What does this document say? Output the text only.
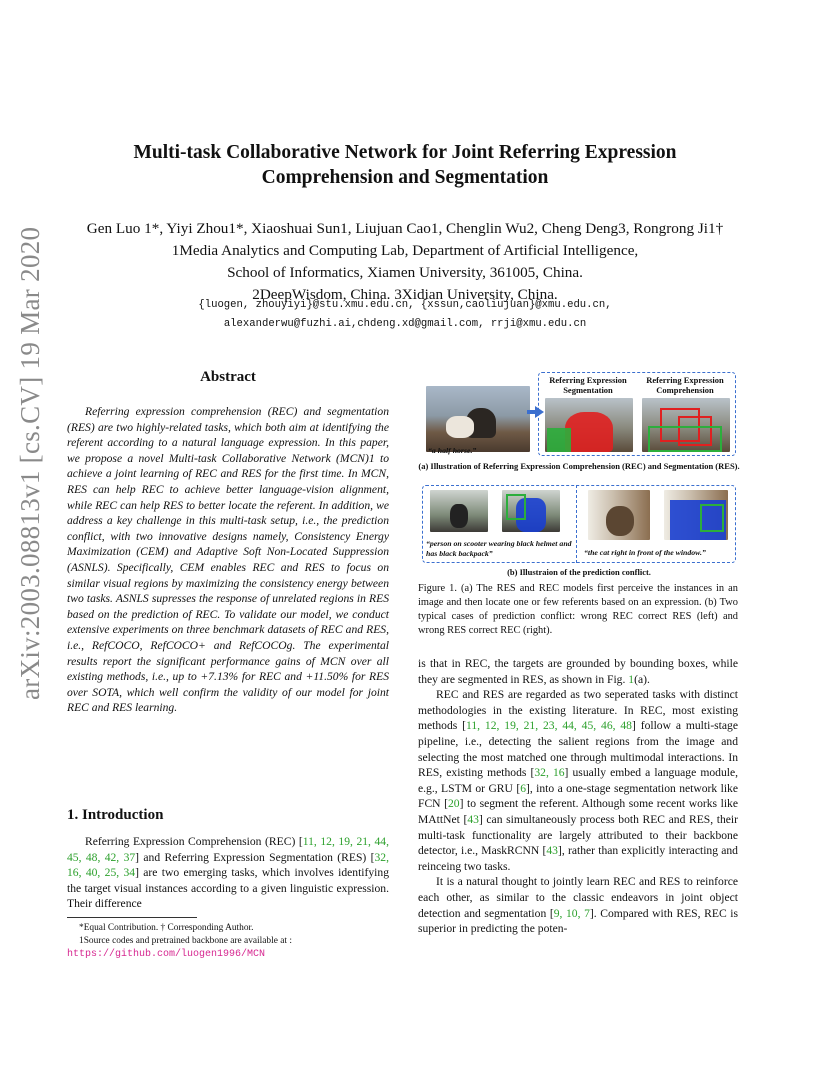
arXiv:2003.08813v1 [cs.CV] 19 Mar 2020
Multi-task Collaborative Network for Joint Referring Expression
Comprehension and Segmentation
Gen Luo 1*, Yiyi Zhou1*, Xiaoshuai Sun1, Liujuan Cao1, Chenglin Wu2, Cheng Deng3, Rongrong Ji1†
1Media Analytics and Computing Lab, Department of Artificial Intelligence,
School of Informatics, Xiamen University, 361005, China.
2DeepWisdom, China. 3Xidian University, China.
{luogen, zhouyiyi}@stu.xmu.edu.cn, {xssun,caoliujuan}@xmu.edu.cn,
alexanderwu@fuzhi.ai,chdeng.xd@gmail.com, rrji@xmu.edu.cn
Abstract
Referring expression comprehension (REC) and segmentation (RES) are two highly-related tasks, which both aim at identifying the referent according to a natural language expression. In this paper, we propose a novel Multi-task Collaborative Network (MCN)1 to achieve a joint learning of REC and RES for the first time. In MCN, RES can help REC to achieve better language-vision alignment, while REC can help RES to better locate the referent. In addition, we address a key challenge in this multi-task setup, i.e., the prediction conflict, with two innovative designs namely, Consistency Energy Maximization (CEM) and Adaptive Soft Non-Located Suppression (ASNLS). Specifically, CEM enables REC and RES to focus on similar visual regions by maximizing the consistency energy between two tasks. ASNLS supresses the response of unrelated regions in RES based on the prediction of REC. To validate our model, we conduct extensive experiments on three benchmark datasets of REC and RES, i.e., RefCOCO, RefCOCO+ and RefCOCOg. The experimental results report the significant performance gains of MCN over all existing methods, i.e., up to +7.13% for REC and +11.50% for RES over SOTA, which well confirm the validity of our model for joint REC and RES learning.
1. Introduction
Referring Expression Comprehension (REC) [11, 12, 19, 21, 44, 45, 48, 42, 37] and Referring Expression Segmentation (RES) [32, 16, 40, 25, 34] are two emerging tasks, which involves identifying the target visual instances according to a given linguistic expression. Their difference

*Equal Contribution. † Corresponding Author.

1Source codes and pretrained backbone are available at : https://github.com/luogen1996/MCN

“a half horse.”
Referring Expression Segmentation
Referring Expression Comprehension
(a) Illustration of Referring Expression Comprehension (REC) and Segmentation (RES).
“person on scooter wearing black helmet and has black backpack”	“the cat right in front of the window.”
(b) Illustraion of the prediction conflict.
Figure 1. (a) The RES and REC models first perceive the instances in an image and then locate one or few referents based on an expression. (b) Two typical cases of prediction conflict: wrong REC correct RES (left) and wrong RES correct REC (right).

is that in REC, the targets are grounded by bounding boxes, while they are segmented in RES, as shown in Fig. 1(a).

REC and RES are regarded as two seperated tasks with distinct methodologies in the existing literature. In REC, most existing methods [11, 12, 19, 21, 23, 44, 45, 46, 48] follow a multi-stage pipeline, i.e., detecting the salient regions from the image and selecting the most matched one through multimodal interactions. In RES, existing methods [32, 16] usually embed a language module, e.g., LSTM or GRU [6], into a one-stage segmentation network like FCN [20] to segment the referent. Although some recent works like MAttNet [43] can simultaneously process both REC and RES, their multi-task functionality are largely attributed to their backbone detector, i.e., MaskRCNN [43], rather than explicitly interacting and reinceing two tasks.

It is a natural thought to jointly learn REC and RES to reinforce each other, as similar to the classic endeavors in joint object detection and segmentation [9, 10, 7]. Compared with RES, REC is superior in predicting the poten-
